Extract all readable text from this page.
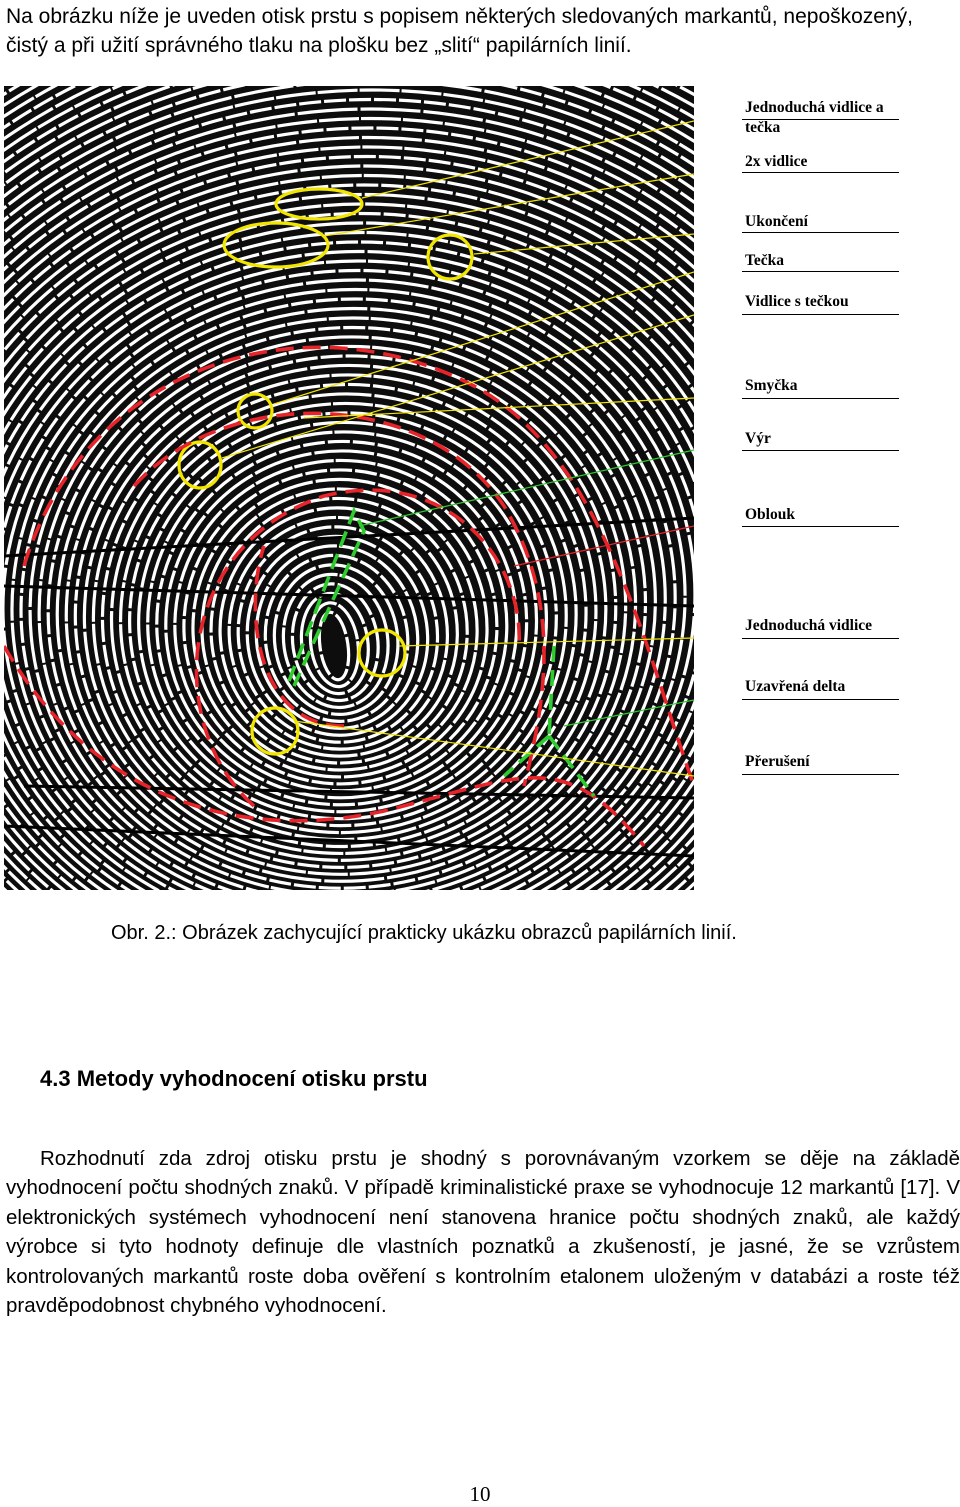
Na obrázku níže je uveden otisk prstu s popisem některých sledovaných markantů, nepoškozený, čistý a při užití správného tlaku na plošku bez „slití“ papilárních linií.
Jednoduchá vidlice a tečka
2x vidlice
Ukončení
Tečka
Vidlice s tečkou
Smyčka
Výr
Oblouk
Jednoduchá vidlice
Uzavřená delta
Přerušení
Obr. 2.: Obrázek zachycující prakticky ukázku obrazců papilárních linií.
4.3 Metody vyhodnocení otisku prstu
Rozhodnutí zda zdroj otisku prstu je shodný s porovnávaným vzorkem se děje na základě vyhodnocení počtu shodných znaků. V případě kriminalistické praxe se vyhodnocuje 12 markantů [17]. V elektronických systémech vyhodnocení není stanovena hranice počtu shodných znaků, ale každý výrobce si tyto hodnoty definuje dle vlastních poznatků a zkušeností, je jasné, že se vzrůstem kontrolovaných markantů roste doba ověření s kontrolním etalonem uloženým v databázi a roste též pravděpodobnost chybného vyhodnocení.
10
